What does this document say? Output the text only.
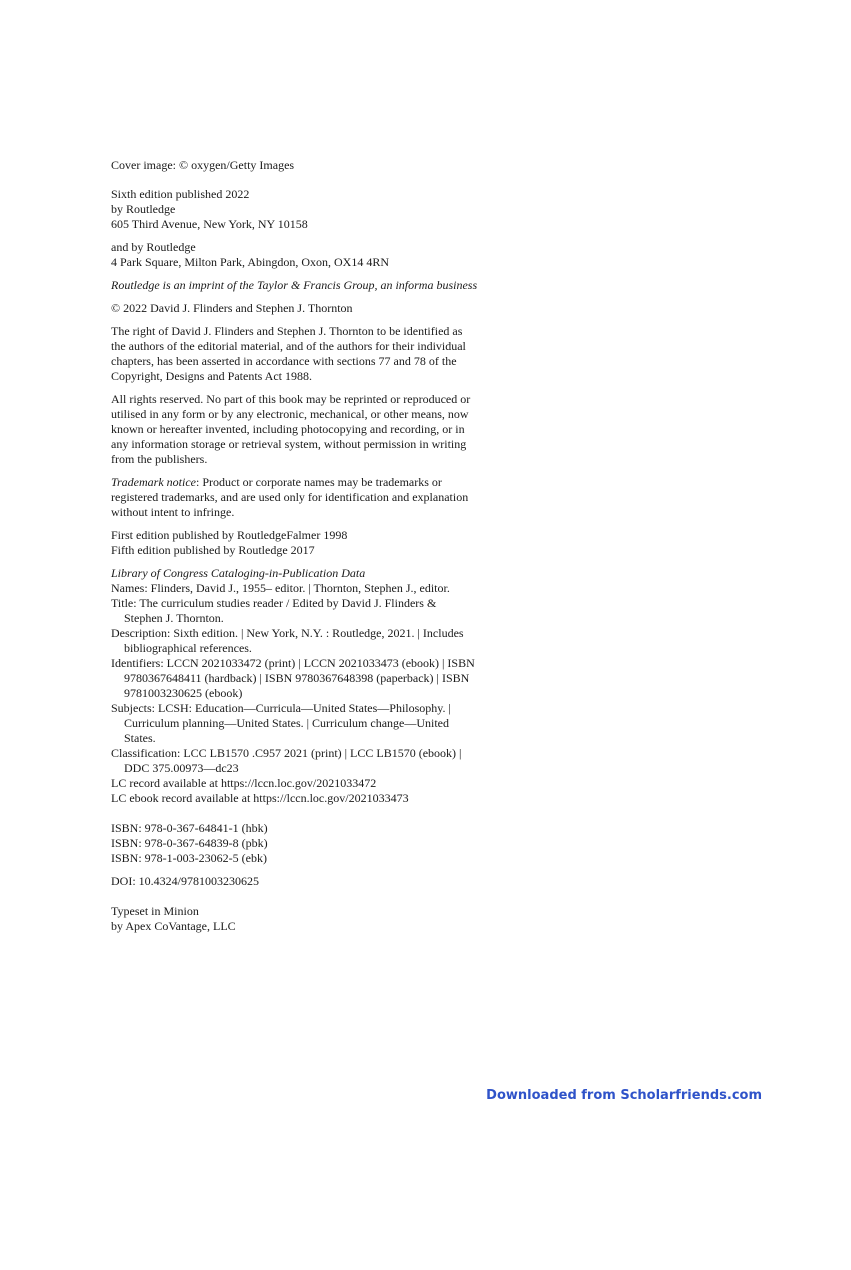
Cover image: © oxygen/Getty Images
Sixth edition published 2022
by Routledge
605 Third Avenue, New York, NY 10158
and by Routledge
4 Park Square, Milton Park, Abingdon, Oxon, OX14 4RN
Routledge is an imprint of the Taylor & Francis Group, an informa business
© 2022 David J. Flinders and Stephen J. Thornton
The right of David J. Flinders and Stephen J. Thornton to be identified as
the authors of the editorial material, and of the authors for their individual
chapters, has been asserted in accordance with sections 77 and 78 of the
Copyright, Designs and Patents Act 1988.
All rights reserved. No part of this book may be reprinted or reproduced or
utilised in any form or by any electronic, mechanical, or other means, now
known or hereafter invented, including photocopying and recording, or in
any information storage or retrieval system, without permission in writing
from the publishers.
Trademark notice: Product or corporate names may be trademarks or
registered trademarks, and are used only for identification and explanation
without intent to infringe.
First edition published by RoutledgeFalmer 1998
Fifth edition published by Routledge 2017
Library of Congress Cataloging-in-Publication Data
Names: Flinders, David J., 1955– editor. | Thornton, Stephen J., editor.
Title: The curriculum studies reader / Edited by David J. Flinders &
Stephen J. Thornton.
Description: Sixth edition. | New York, N.Y. : Routledge, 2021. | Includes
bibliographical references.
Identifiers: LCCN 2021033472 (print) | LCCN 2021033473 (ebook) | ISBN
9780367648411 (hardback) | ISBN 9780367648398 (paperback) | ISBN
9781003230625 (ebook)
Subjects: LCSH: Education—Curricula—United States—Philosophy. |
Curriculum planning—United States. | Curriculum change—United
States.
Classification: LCC LB1570 .C957 2021 (print) | LCC LB1570 (ebook) |
DDC 375.00973—dc23
LC record available at https://lccn.loc.gov/2021033472
LC ebook record available at https://lccn.loc.gov/2021033473
ISBN: 978-0-367-64841-1 (hbk)
ISBN: 978-0-367-64839-8 (pbk)
ISBN: 978-1-003-23062-5 (ebk)
DOI: 10.4324/9781003230625
Typeset in Minion
by Apex CoVantage, LLC
Downloaded from Scholarfriends.com
